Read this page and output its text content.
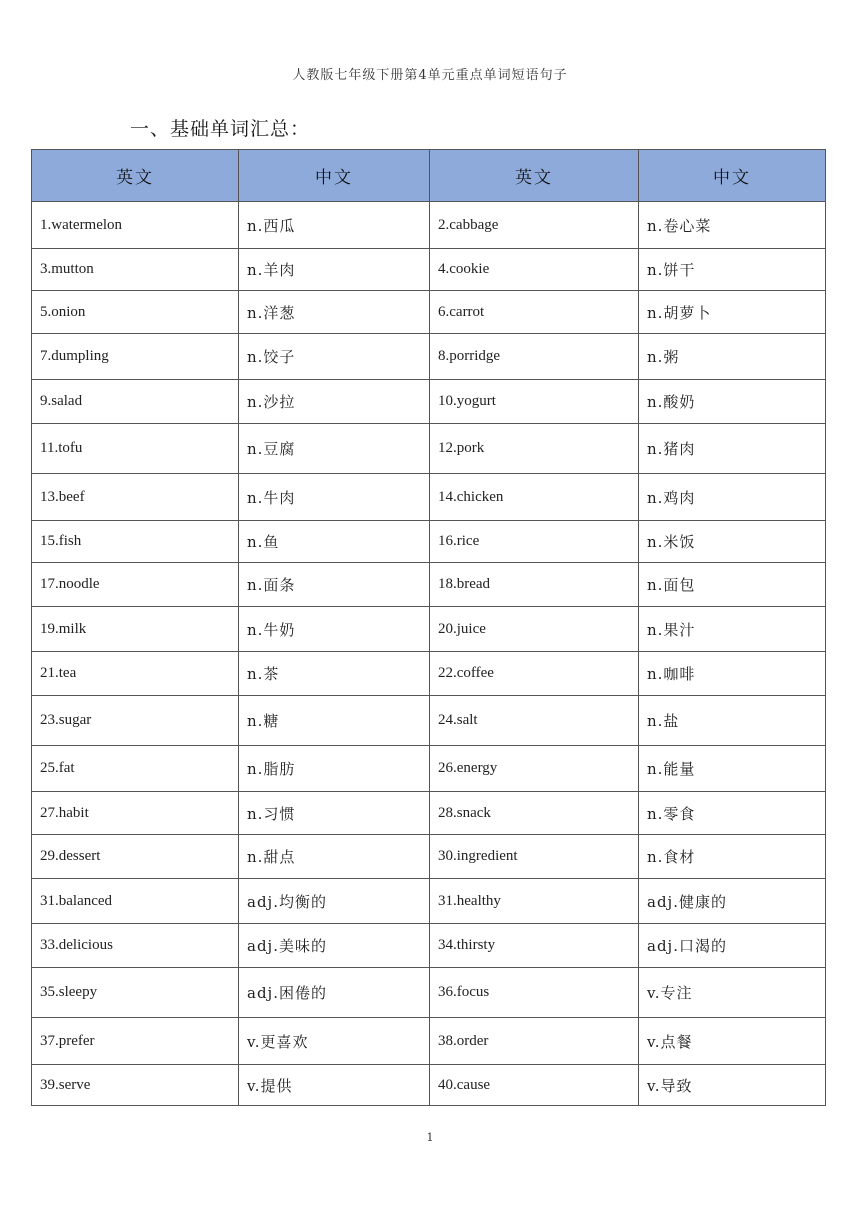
人教版七年级下册第4单元重点单词短语句子
一、基础单词汇总：
英文	中文	英文	中文
1.watermelon	n.西瓜	2.cabbage	n.卷心菜
3.mutton	n.羊肉	4.cookie	n.饼干
5.onion	n.洋葱	6.carrot	n.胡萝卜
7.dumpling	n.饺子	8.porridge	n.粥
9.salad	n.沙拉	10.yogurt	n.酸奶
11.tofu	n.豆腐	12.pork	n.猪肉
13.beef	n.牛肉	14.chicken	n.鸡肉
15.fish	n.鱼	16.rice	n.米饭
17.noodle	n.面条	18.bread	n.面包
19.milk	n.牛奶	20.juice	n.果汁
21.tea	n.茶	22.coffee	n.咖啡
23.sugar	n.糖	24.salt	n.盐
25.fat	n.脂肪	26.energy	n.能量
27.habit	n.习惯	28.snack	n.零食
29.dessert	n.甜点	30.ingredient	n.食材
31.balanced	adj.均衡的	31.healthy	adj.健康的
33.delicious	adj.美味的	34.thirsty	adj.口渴的
35.sleepy	adj.困倦的	36.focus	v.专注
37.prefer	v.更喜欢	38.order	v.点餐
39.serve	v.提供	40.cause	v.导致
1
